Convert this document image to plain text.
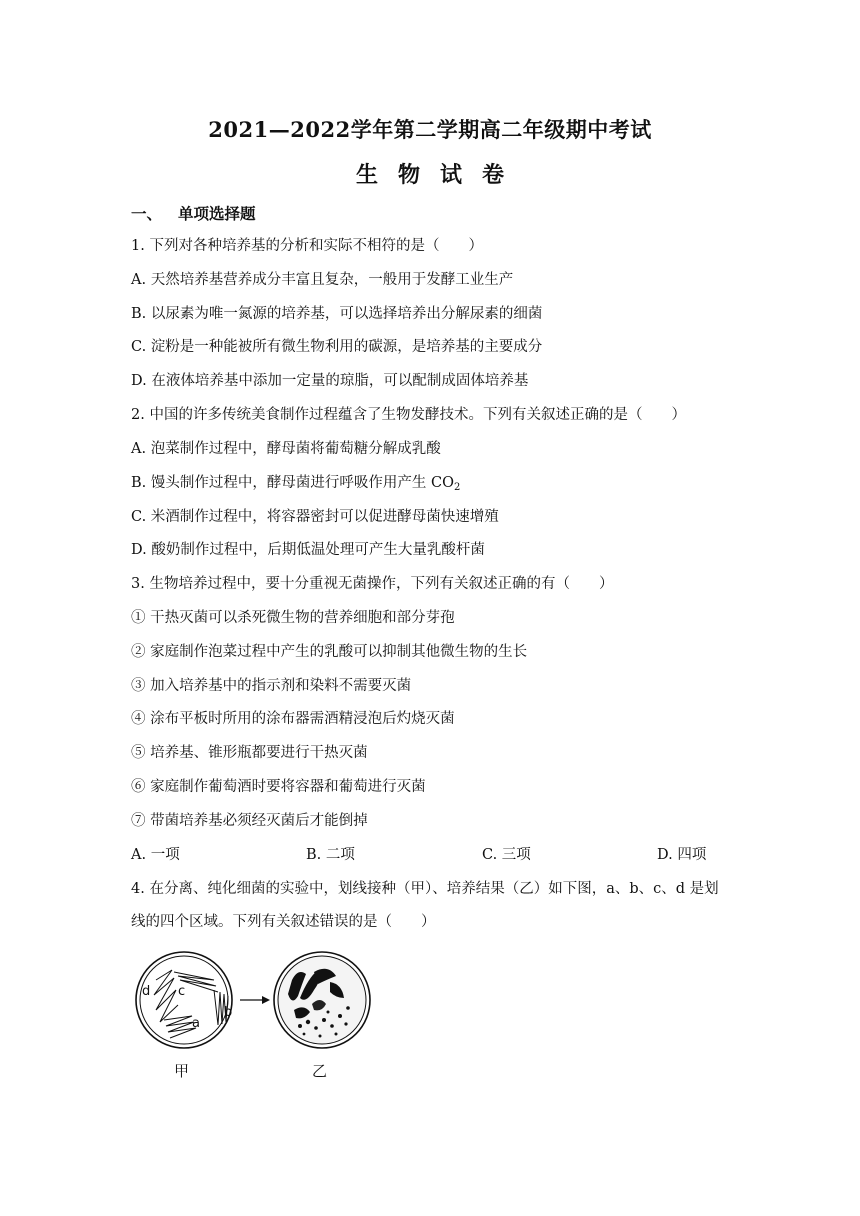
2021—2022学年第二学期高二年级期中考试
生物试卷
一、 单项选择题
1. 下列对各种培养基的分析和实际不相符的是（　　）
A. 天然培养基营养成分丰富且复杂，一般用于发酵工业生产
B. 以尿素为唯一氮源的培养基，可以选择培养出分解尿素的细菌
C. 淀粉是一种能被所有微生物利用的碳源，是培养基的主要成分
D. 在液体培养基中添加一定量的琼脂，可以配制成固体培养基
2. 中国的许多传统美食制作过程蕴含了生物发酵技术。下列有关叙述正确的是（　　）
A. 泡菜制作过程中，酵母菌将葡萄糖分解成乳酸
B. 馒头制作过程中，酵母菌进行呼吸作用产生 $CO_2$
C. 米酒制作过程中，将容器密封可以促进酵母菌快速增殖
D. 酸奶制作过程中，后期低温处理可产生大量乳酸杆菌
3. 生物培养过程中，要十分重视无菌操作，下列有关叙述正确的有（　　）
① 干热灭菌可以杀死微生物的营养细胞和部分芽孢
② 家庭制作泡菜过程中产生的乳酸可以抑制其他微生物的生长
③ 加入培养基中的指示剂和染料不需要灭菌
④ 涂布平板时所用的涂布器需酒精浸泡后灼烧灭菌
⑤ 培养基、锥形瓶都要进行干热灭菌
⑥ 家庭制作葡萄酒时要将容器和葡萄进行灭菌
⑦ 带菌培养基必须经灭菌后才能倒掉
A. 一项	B. 二项	C. 三项	D. 四项
4. 在分离、纯化细菌的实验中，划线接种（甲）、培养结果（乙）如下图，a、b、c、d 是划
线的四个区域。下列有关叙述错误的是（　　）
c
d
b
a
甲	乙
